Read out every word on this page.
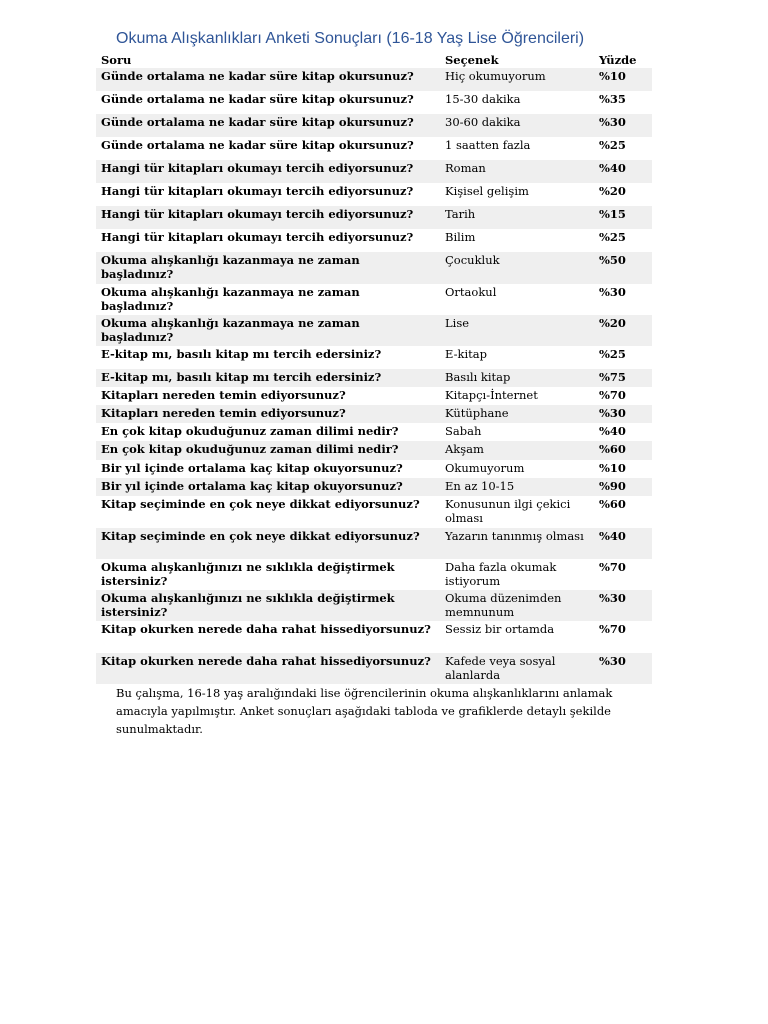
Okuma Alışkanlıkları Anketi Sonuçları (16-18 Yaş Lise Öğrencileri)
Soru	Seçenek	Yüzde
Günde ortalama ne kadar süre kitap okursunuz?	Hiç okumuyorum	%10
Günde ortalama ne kadar süre kitap okursunuz?	15-30 dakika	%35
Günde ortalama ne kadar süre kitap okursunuz?	30-60 dakika	%30
Günde ortalama ne kadar süre kitap okursunuz?	1 saatten fazla	%25
Hangi tür kitapları okumayı tercih ediyorsunuz?	Roman	%40
Hangi tür kitapları okumayı tercih ediyorsunuz?	Kişisel gelişim	%20
Hangi tür kitapları okumayı tercih ediyorsunuz?	Tarih	%15
Hangi tür kitapları okumayı tercih ediyorsunuz?	Bilim	%25
Okuma alışkanlığı kazanmaya ne zaman başladınız?	Çocukluk	%50
Okuma alışkanlığı kazanmaya ne zaman başladınız?	Ortaokul	%30
Okuma alışkanlığı kazanmaya ne zaman başladınız?	Lise	%20
E-kitap mı, basılı kitap mı tercih edersiniz?	E-kitap	%25
E-kitap mı, basılı kitap mı tercih edersiniz?	Basılı kitap	%75
Kitapları nereden temin ediyorsunuz?	Kitapçı-İnternet	%70
Kitapları nereden temin ediyorsunuz?	Kütüphane	%30
En çok kitap okuduğunuz zaman dilimi nedir?	Sabah	%40
En çok kitap okuduğunuz zaman dilimi nedir?	Akşam	%60
Bir yıl içinde ortalama kaç kitap okuyorsunuz?	Okumuyorum	%10
Bir yıl içinde ortalama kaç kitap okuyorsunuz?	En az 10-15	%90
Kitap seçiminde en çok neye dikkat ediyorsunuz?	Konusunun ilgi çekici olması	%60
Kitap seçiminde en çok neye dikkat ediyorsunuz?	Yazarın tanınmış olması	%40
Okuma alışkanlığınızı ne sıklıkla değiştirmek istersiniz?	Daha fazla okumak istiyorum	%70
Okuma alışkanlığınızı ne sıklıkla değiştirmek istersiniz?	Okuma düzenimden memnunum	%30
Kitap okurken nerede daha rahat hissediyorsunuz?	Sessiz bir ortamda	%70
Kitap okurken nerede daha rahat hissediyorsunuz?	Kafede veya sosyal alanlarda	%30
Bu çalışma, 16-18 yaş aralığındaki lise öğrencilerinin okuma alışkanlıklarını anlamak amacıyla yapılmıştır. Anket sonuçları aşağıdaki tabloda ve grafiklerde detaylı şekilde sunulmaktadır.
